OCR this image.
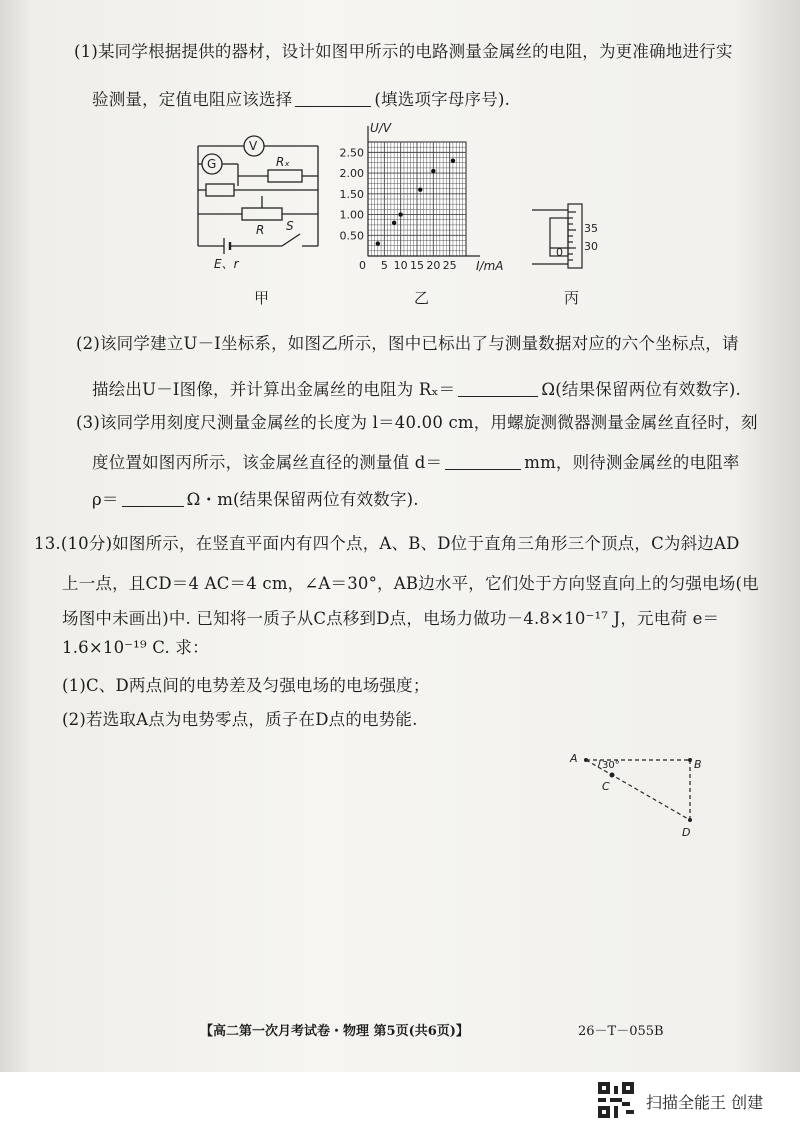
(1)某同学根据提供的器材，设计如图甲所示的电路测量金属丝的电阻，为更准确地进行实
验测量，定值电阻应该选择	(填选项字母序号).
V
G	Rₓ
R S
E、r
U/V
I/mA
0.50
1.00
1.50
2.00
2.50
5 10 15 20 25
0
35
30
0
甲	乙	丙
(2)该同学建立U－I坐标系，如图乙所示，图中已标出了与测量数据对应的六个坐标点，请
描绘出U－I图像，并计算出金属丝的电阻为 Rₓ＝	Ω(结果保留两位有效数字).
(3)该同学用刻度尺测量金属丝的长度为 l＝40.00 cm，用螺旋测微器测量金属丝直径时，刻
度位置如图丙所示，该金属丝直径的测量值 d＝	mm，则待测金属丝的电阻率
ρ＝	Ω・m(结果保留两位有效数字).
13.(10分)如图所示，在竖直平面内有四个点，A、B、D位于直角三角形三个顶点，C为斜边AD
上一点，且CD＝4 AC＝4 cm，∠A＝30°，AB边水平，它们处于方向竖直向上的匀强电场(电
场图中未画出)中. 已知将一质子从C点移到D点，电场力做功－4.8×10⁻¹⁷ J，元电荷 e＝
1.6×10⁻¹⁹ C. 求：
(1)C、D两点间的电势差及匀强电场的电场强度；
(2)若选取A点为电势零点，质子在D点的电势能.
A	B
C
D
30°
【高二第一次月考试卷・物理 第5页(共6页)】	26－T－055B
扫描全能王 创建
